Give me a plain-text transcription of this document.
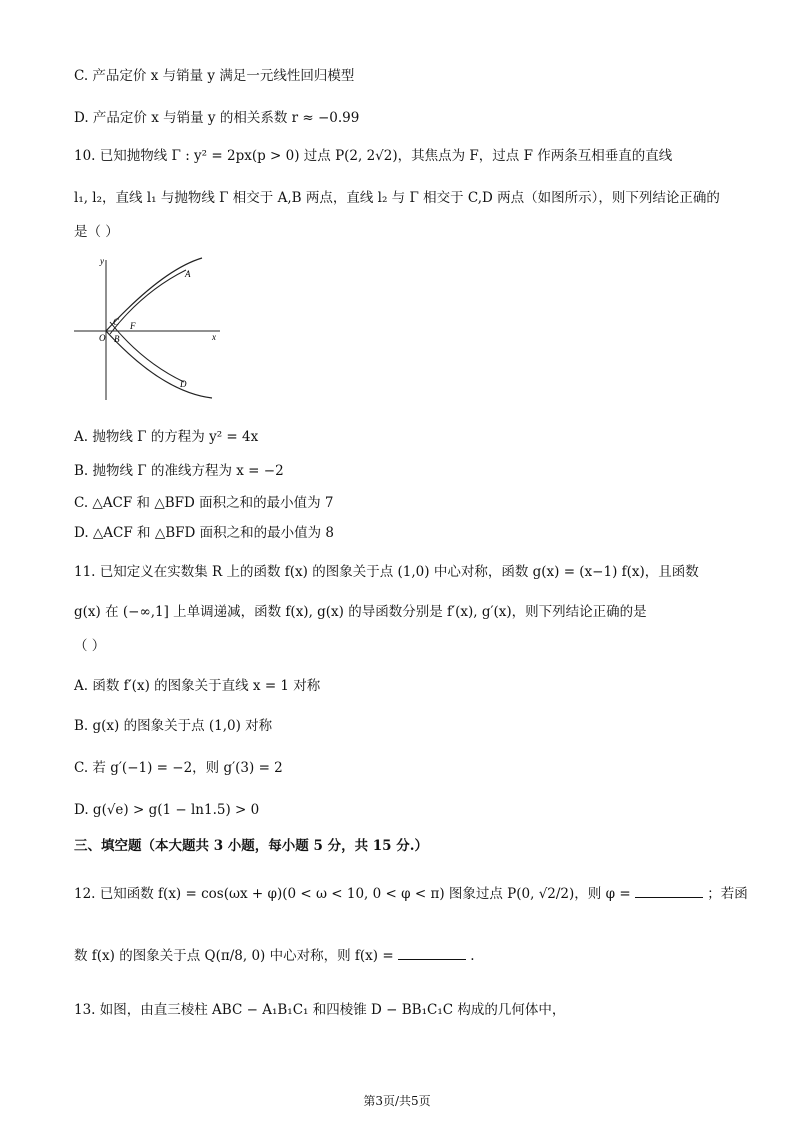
C. 产品定价 x 与销量 y 满足一元线性回归模型
D. 产品定价 x 与销量 y 的相关系数 r ≈ −0.99
10. 已知抛物线 Γ : y² = 2px(p > 0) 过点 P(2, 2√2)，其焦点为 F，过点 F 作两条互相垂直的直线
l₁, l₂，直线 l₁ 与抛物线 Γ 相交于 A,B 两点，直线 l₂ 与 Γ 相交于 C,D 两点（如图所示），则下列结论正确的
是（ ）
y
x
O
A
C F
B
D
A. 抛物线 Γ 的方程为 y² = 4x
B. 抛物线 Γ 的准线方程为 x = −2
C. △ACF 和 △BFD 面积之和的最小值为 7
D. △ACF 和 △BFD 面积之和的最小值为 8
11. 已知定义在实数集 R 上的函数 f(x) 的图象关于点 (1,0) 中心对称，函数 g(x) = (x−1) f(x)，且函数
g(x) 在 (−∞,1] 上单调递减，函数 f(x), g(x) 的导函数分别是 f′(x), g′(x)，则下列结论正确的是
（ ）
A. 函数 f′(x) 的图象关于直线 x = 1 对称
B. g(x) 的图象关于点 (1,0) 对称
C. 若 g′(−1) = −2，则 g′(3) = 2
D. g(√e) > g(1 − ln1.5) > 0
三、填空题（本大题共 3 小题，每小题 5 分，共 15 分.）
12. 已知函数 f(x) = cos(ωx + φ)(0 < ω < 10, 0 < φ < π) 图象过点 P(0, √2/2)，则 φ =	；若函
数 f(x) 的图象关于点 Q(π/8, 0) 中心对称，则 f(x) =	.
13. 如图，由直三棱柱 ABC − A₁B₁C₁ 和四棱锥 D − BB₁C₁C 构成的几何体中，
第3页/共5页
